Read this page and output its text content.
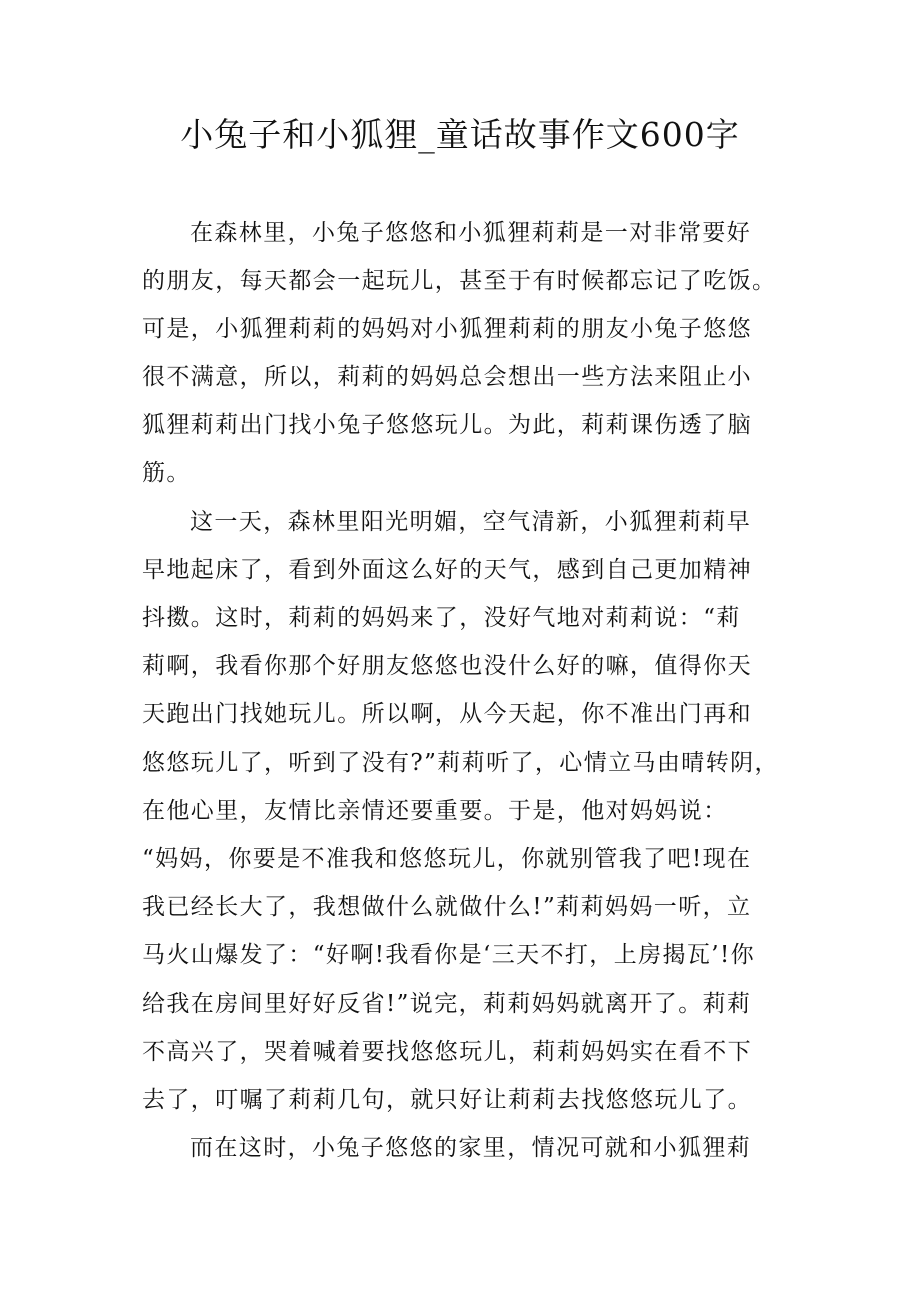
小兔子和小狐狸_童话故事作文600字
在森林里，小兔子悠悠和小狐狸莉莉是一对非常要好
的朋友，每天都会一起玩儿，甚至于有时候都忘记了吃饭。
可是，小狐狸莉莉的妈妈对小狐狸莉莉的朋友小兔子悠悠
很不满意，所以，莉莉的妈妈总会想出一些方法来阻止小
狐狸莉莉出门找小兔子悠悠玩儿。为此，莉莉课伤透了脑
筋。
这一天，森林里阳光明媚，空气清新，小狐狸莉莉早
早地起床了，看到外面这么好的天气，感到自己更加精神
抖擞。这时，莉莉的妈妈来了，没好气地对莉莉说：“莉
莉啊，我看你那个好朋友悠悠也没什么好的嘛，值得你天
天跑出门找她玩儿。所以啊，从今天起，你不准出门再和
悠悠玩儿了，听到了没有?”莉莉听了，心情立马由晴转阴，
在他心里，友情比亲情还要重要。于是，他对妈妈说：
“妈妈，你要是不准我和悠悠玩儿，你就别管我了吧!现在
我已经长大了，我想做什么就做什么!”莉莉妈妈一听，立
马火山爆发了：“好啊!我看你是‘三天不打，上房揭瓦’!你
给我在房间里好好反省!”说完，莉莉妈妈就离开了。莉莉
不高兴了，哭着喊着要找悠悠玩儿，莉莉妈妈实在看不下
去了，叮嘱了莉莉几句，就只好让莉莉去找悠悠玩儿了。
而在这时，小兔子悠悠的家里，情况可就和小狐狸莉
